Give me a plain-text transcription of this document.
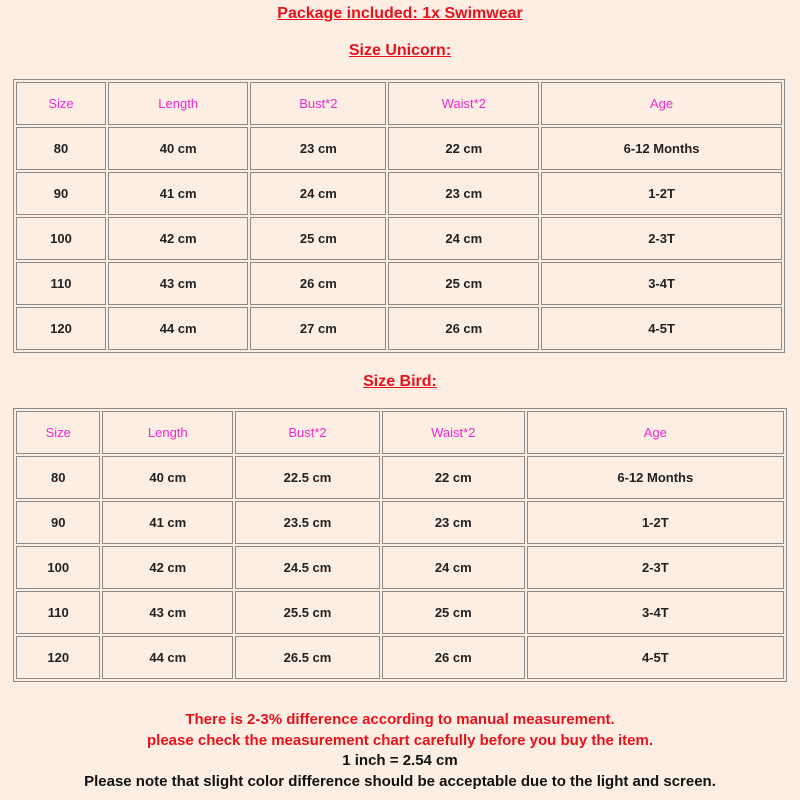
Package included: 1x Swimwear
Size Unicorn:
Size	Length	Bust*2	Waist*2	Age
80	40 cm	23 cm	22 cm	6-12 Months
90	41 cm	24 cm	23 cm	1-2T
100	42 cm	25 cm	24 cm	2-3T
110	43 cm	26 cm	25 cm	3-4T
120	44 cm	27 cm	26 cm	4-5T
Size Bird:
Size	Length	Bust*2	Waist*2	Age
80	40 cm	22.5 cm	22 cm	6-12 Months
90	41 cm	23.5 cm	23 cm	1-2T
100	42 cm	24.5 cm	24 cm	2-3T
110	43 cm	25.5 cm	25 cm	3-4T
120	44 cm	26.5 cm	26 cm	4-5T
There is 2-3% difference according to manual measurement.
please check the measurement chart carefully before you buy the item.
1 inch = 2.54 cm
Please note that slight color difference should be acceptable due to the light and screen.
